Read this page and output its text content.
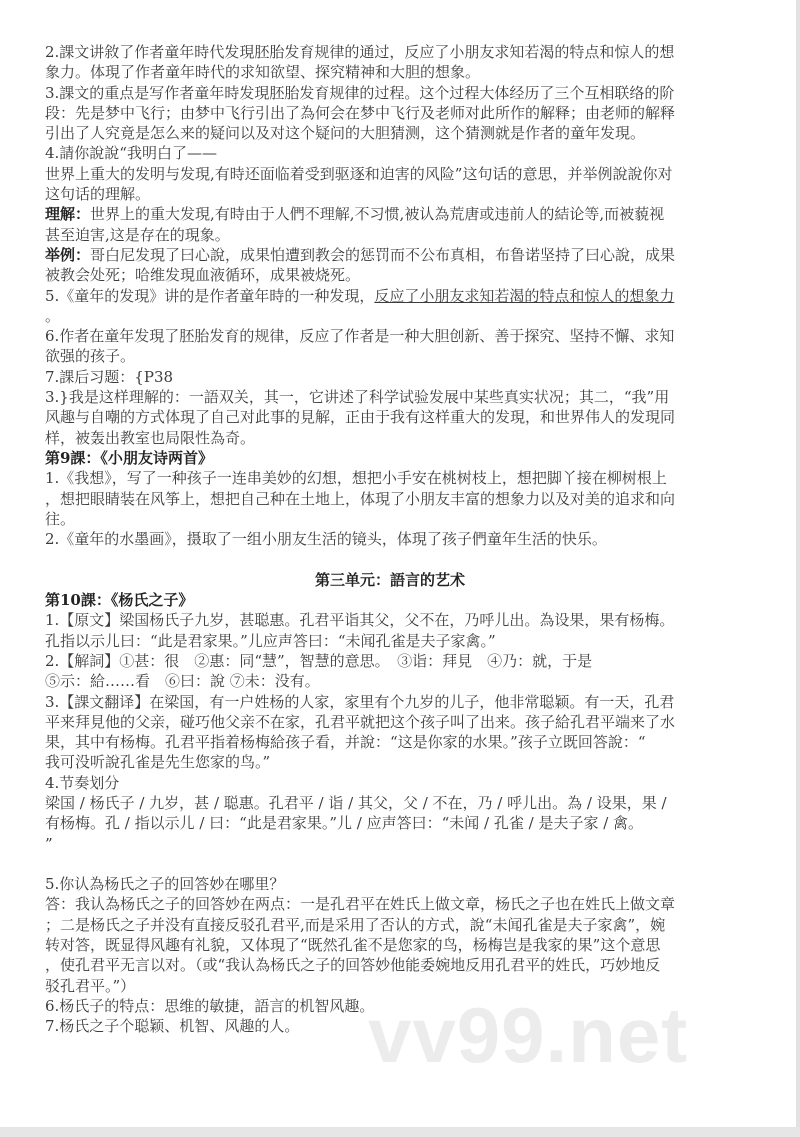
2.課文讲敘了作者童年時代发現胚胎发育规律的通过，反应了小朋友求知若渴的特点和惊人的想
象力。体現了作者童年時代的求知欲望、探究精神和大胆的想象。
3.課文的重点是写作者童年時发現胚胎发育规律的过程。这个过程大体经历了三个互相联络的阶
段：先是梦中飞行；由梦中飞行引出了為何会在梦中飞行及老师对此所作的解释；由老师的解释
引出了人究竟是怎么来的疑问以及对这个疑问的大胆猜测，这个猜测就是作者的童年发現。
4.請你說說“我明白了——
世界上重大的发明与发現,有時还面临着受到驱逐和迫害的风险”这句话的意思，并举例說說你对
这句话的理解。
理解：世界上的重大发現,有時由于人們不理解,不习惯,被认為荒唐或违前人的結论等,而被藐视
甚至迫害,这是存在的現象。
举例：哥白尼发現了曰心說，成果怕遭到教会的惩罚而不公布真相，布鲁诺坚持了曰心說，成果
被教会处死；哈维发現血液循环，成果被烧死。
5.《童年的发現》讲的是作者童年時的一种发現，反应了小朋友求知若渴的特点和惊人的想象力
。
6.作者在童年发現了胚胎发育的规律，反应了作者是一种大胆创新、善于探究、坚持不懈、求知
欲强的孩子。
7.課后习题：{P38
3.}我是这样理解的：一語双关，其一，它讲述了科学试验发展中某些真实状况；其二，“我”用
风趣与自嘲的方式体現了自己对此事的見解，正由于我有这样重大的发現，和世界伟人的发現同
样，被轰出教室也局限性為奇。
第9課：《小朋友诗两首》
1.《我想》，写了一种孩子一连串美妙的幻想，想把小手安在桃树枝上，想把脚丫接在柳树根上
，想把眼睛装在风筝上，想把自己种在土地上，体現了小朋友丰富的想象力以及对美的追求和向
往。
2.《童年的水墨画》，摄取了一组小朋友生活的镜头，体現了孩子們童年生活的快乐。
第三单元：語言的艺术
第10課：《杨氏之子》
1.【原文】梁国杨氏子九岁，甚聪惠。孔君平诣其父，父不在，乃呼儿出。為设果，果有杨梅。
孔指以示儿曰：“此是君家果。”儿应声答曰：“未闻孔雀是夫子家禽。”
2.【解詞】①甚：很　②惠：同“慧”，智慧的意思。　③诣：拜見　④乃：就，于是
⑤示：給……看　⑥曰：說 ⑦未：没有。
3.【課文翻译】在梁国，有一户姓杨的人家，家里有个九岁的儿子，他非常聪颖。有一天，孔君
平来拜見他的父亲，碰巧他父亲不在家，孔君平就把这个孩子叫了出来。孩子給孔君平端来了水
果，其中有杨梅。孔君平指着杨梅給孩子看，并說：“这是你家的水果。”孩子立既回答說：“
我可没听說孔雀是先生您家的鸟。”
4.节奏划分
梁国 / 杨氏子 / 九岁，甚 / 聪惠。孔君平 / 诣 / 其父，父 / 不在，乃 / 呼儿出。為 / 设果，果 /
有杨梅。孔 / 指以示儿 / 曰：“此是君家果。”儿 / 应声答曰：“未闻 / 孔雀 / 是夫子家 / 禽。
”
5.你认為杨氏之子的回答妙在哪里？
答：我认為杨氏之子的回答妙在两点：一是孔君平在姓氏上做文章，杨氏之子也在姓氏上做文章
；二是杨氏之子并没有直接反驳孔君平,而是采用了否认的方式，說“未闻孔雀是夫子家禽”，婉
转对答，既显得风趣有礼貌，又体現了“既然孔雀不是您家的鸟，杨梅岂是我家的果”这个意思
，使孔君平无言以对。（或“我认為杨氏之子的回答妙他能委婉地反用孔君平的姓氏，巧妙地反
驳孔君平。”）
6.杨氏子的特点：思维的敏捷，語言的机智风趣。
7.杨氏之子个聪颖、机智、风趣的人。 vv99.net
